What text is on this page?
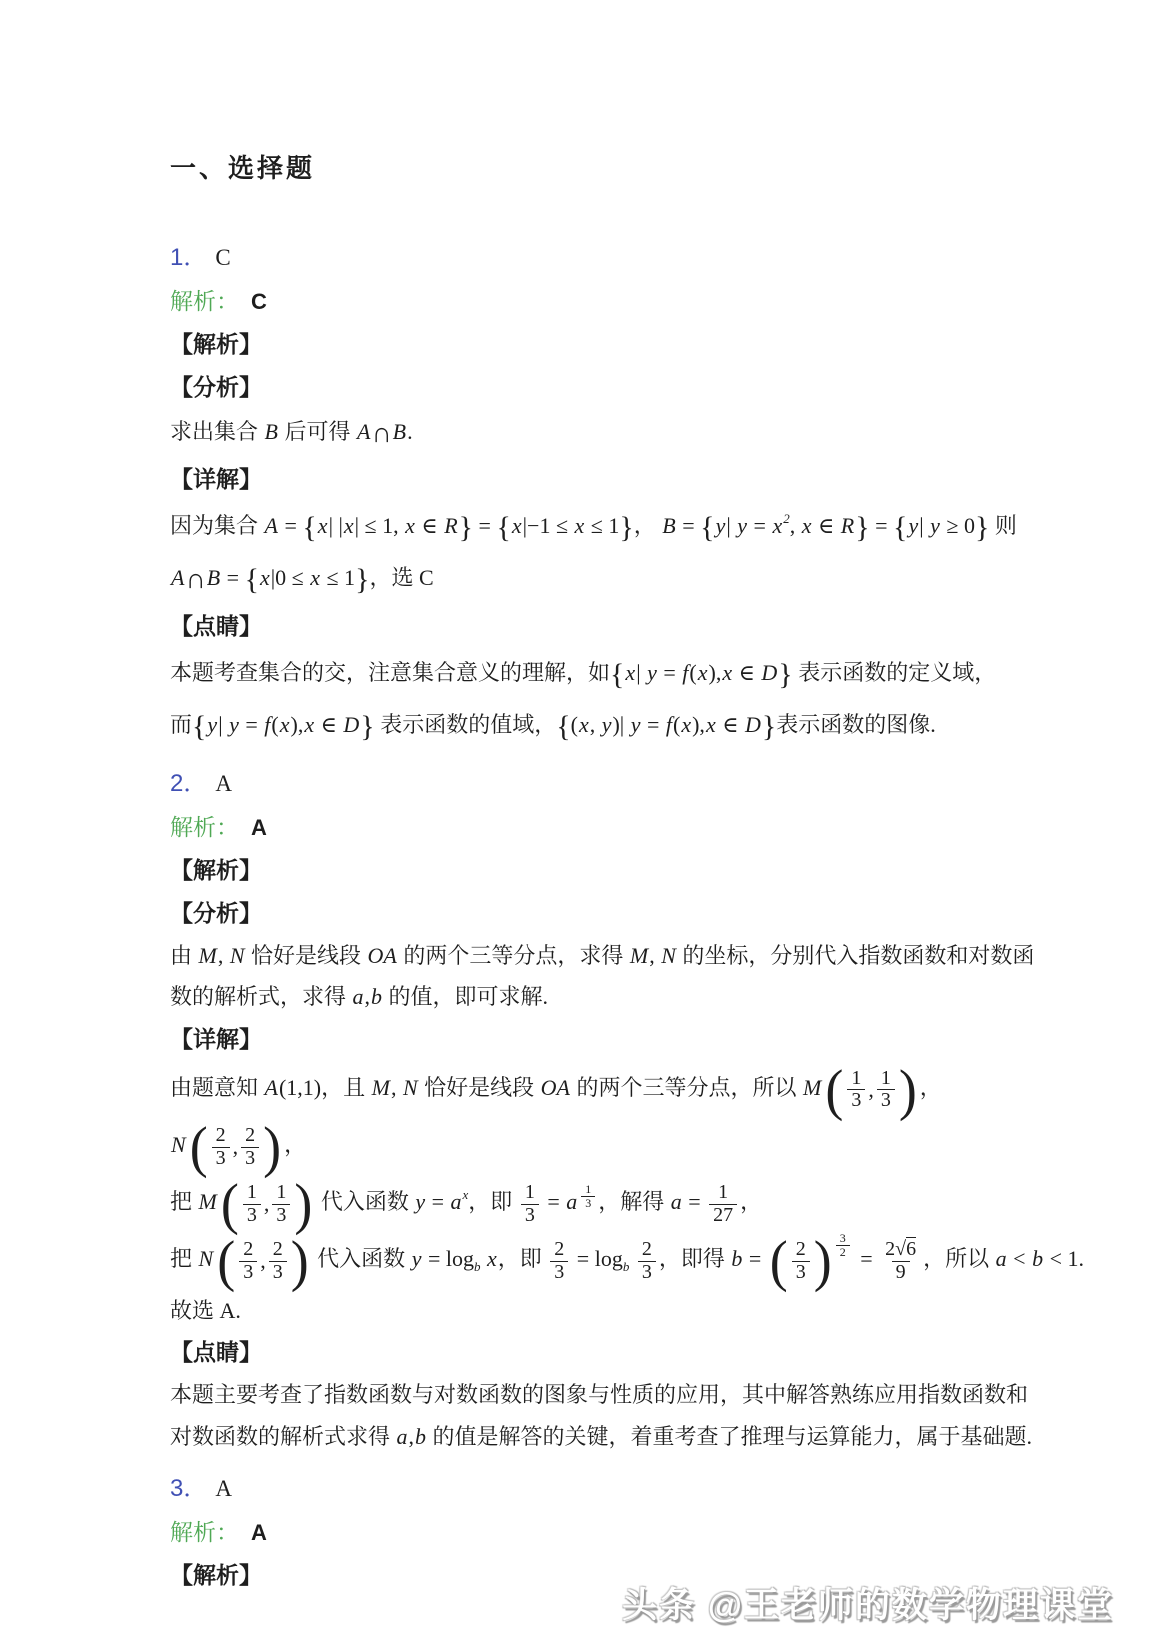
一、选择题
1． C
解析： C
【解析】
【分析】
求出集合 B 后可得 A∩B.
【详解】
因为集合 A = {x| |x| ≤ 1, x ∈ R} = {x|−1 ≤ x ≤ 1}， B = {y| $y = x^2$, x ∈ R} = {y| y ≥ 0} 则
A∩B = {x|0 ≤ x ≤ 1}，选 C
【点睛】
本题考查集合的交，注意集合意义的理解，如{x| y = f(x),x ∈ D} 表示函数的定义域，
而{y| y = f(x),x ∈ D} 表示函数的值域，{(x, y)| y = f(x),x ∈ D}表示函数的图像.
2． A
解析： A
【解析】
【分析】
由 M, N 恰好是线段 OA 的两个三等分点，求得 M, N 的坐标，分别代入指数函数和对数函
数的解析式，求得 a,b 的值，即可求解.
【详解】
由题意知 A(1,1)，且 M, N 恰好是线段 OA 的两个三等分点，所以 M ( $\frac{1}{3}$ , $\frac{1}{3}$ ) ，
N ( $\frac{2}{3}$ , $\frac{2}{3}$ ) ，
把 M ( $\frac{1}{3}$ , $\frac{1}{3}$ ) 代入函数 $y = a^x$，即 $\frac{1}{3} = a \frac{1}{3}$ ，解得 $a = \frac{1}{27}$ ，
把 N ( $\frac{2}{3}$ , $\frac{2}{3}$ ) 代入函数 $y = \log_b x$，即 $\frac{2}{3} = \log_b \frac{2}{3}$ ，即得 b = ( $\frac{2}{3}$ ) $\frac{3}{2}$
= $\frac{2√6}{9}$ ，所以 a < b < 1.
故选 A.
【点睛】
本题主要考查了指数函数与对数函数的图象与性质的应用，其中解答熟练应用指数函数和
对数函数的解析式求得 a,b 的值是解答的关键，着重考查了推理与运算能力，属于基础题.
3． A
解析： A
【解析】
头条 @王老师的数学物理课堂
